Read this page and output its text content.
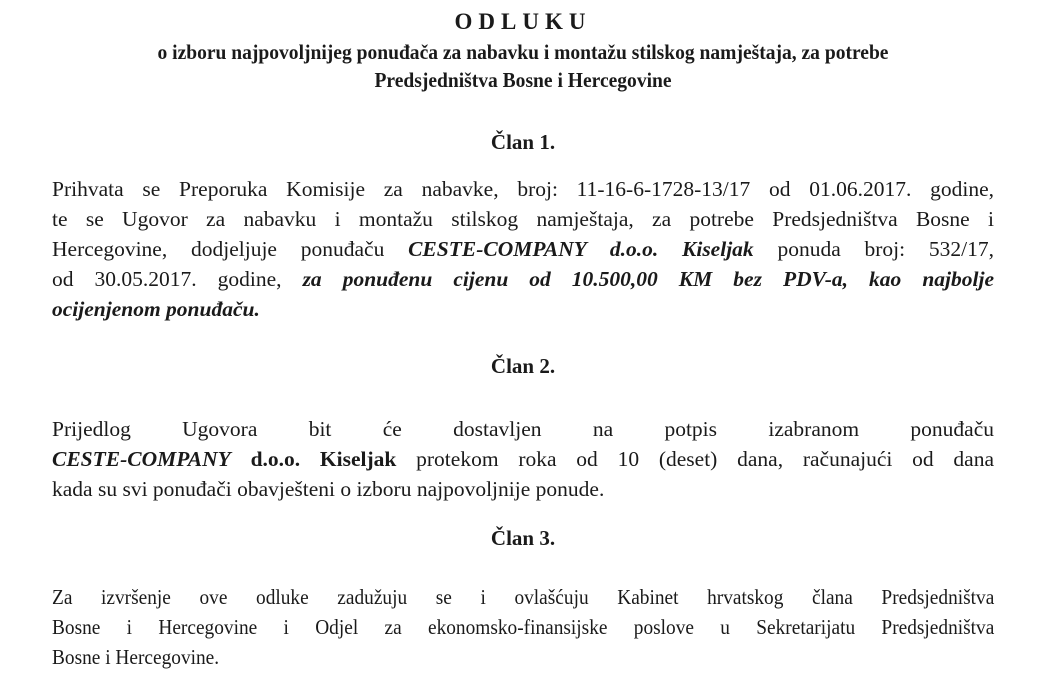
ODLUKU
o izboru najpovoljnijeg ponuđača za nabavku i montažu stilskog namještaja, za potrebe
Predsjedništva Bosne i Hercegovine
Član 1.
Prihvata se Preporuka Komisije za nabavke, broj: 11-16-6-1728-13/17 od 01.06.2017. godine,
te se Ugovor za nabavku i montažu stilskog namještaja, za potrebe Predsjedništva Bosne i
Hercegovine, dodjeljuje ponuđaču CESTE-COMPANY d.o.o. Kiseljak ponuda broj: 532/17,
od 30.05.2017. godine, za ponuđenu cijenu od 10.500,00 KM bez PDV-a, kao najbolje
ocijenjenom ponuđaču.
Član 2.
Prijedlog Ugovora bit će dostavljen na potpis izabranom ponuđaču
CESTE-COMPANY d.o.o. Kiseljak protekom roka od 10 (deset) dana, računajući od dana
kada su svi ponuđači obavješteni o izboru najpovoljnije ponude.
Član 3.
Za izvršenje ove odluke zadužuju se i ovlašćuju Kabinet hrvatskog člana Predsjedništva
Bosne i Hercegovine i Odjel za ekonomsko-finansijske poslove u Sekretarijatu Predsjedništva
Bosne i Hercegovine.
